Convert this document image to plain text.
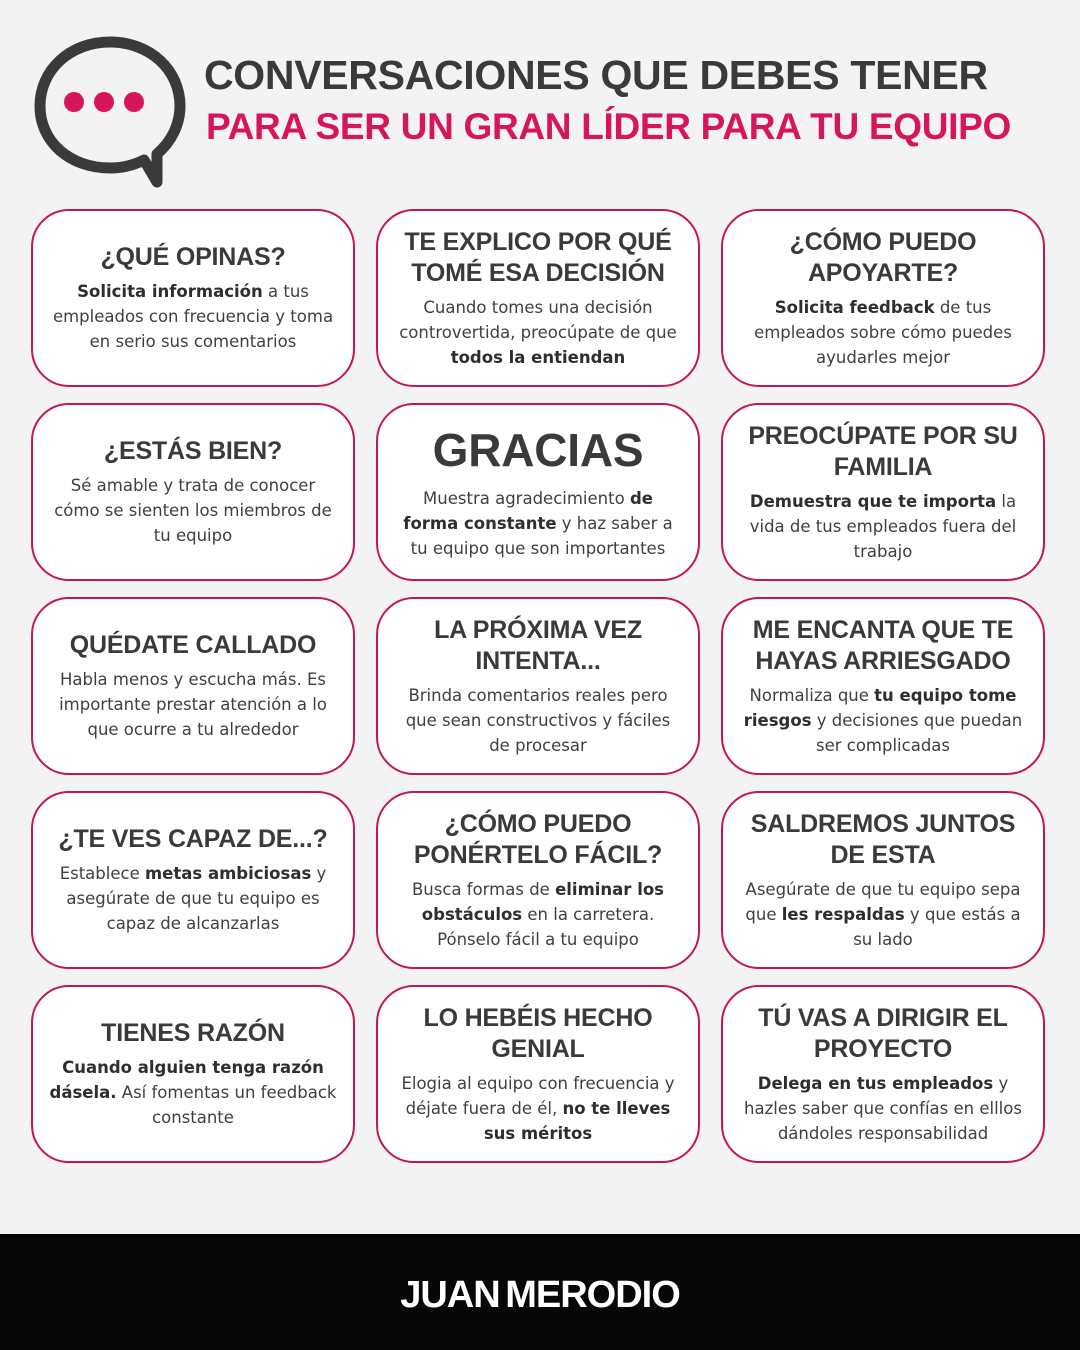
CONVERSACIONES QUE DEBES TENER
PARA SER UN GRAN LÍDER PARA TU EQUIPO
¿QUÉ OPINAS?
Solicita información a tus empleados con frecuencia y toma en serio sus comentarios
TE EXPLICO POR QUÉ TOMÉ ESA DECISIÓN
Cuando tomes una decisión controvertida, preocúpate de que todos la entiendan
¿CÓMO PUEDO APOYARTE?
Solicita feedback de tus empleados sobre cómo puedes ayudarles mejor
¿ESTÁS BIEN?
Sé amable y trata de conocer cómo se sienten los miembros de tu equipo
GRACIAS
Muestra agradecimiento de forma constante y haz saber a tu equipo que son importantes
PREOCÚPATE POR SU FAMILIA
Demuestra que te importa la vida de tus empleados fuera del trabajo
QUÉDATE CALLADO
Habla menos y escucha más. Es importante prestar atención a lo que ocurre a tu alrededor
LA PRÓXIMA VEZ INTENTA...
Brinda comentarios reales pero que sean constructivos y fáciles de procesar
ME ENCANTA QUE TE HAYAS ARRIESGADO
Normaliza que tu equipo tome riesgos y decisiones que puedan ser complicadas
¿TE VES CAPAZ DE...?
Establece metas ambiciosas y asegúrate de que tu equipo es capaz de alcanzarlas
¿CÓMO PUEDO PONÉRTELO FÁCIL?
Busca formas de eliminar los obstáculos en la carretera. Pónselo fácil a tu equipo
SALDREMOS JUNTOS DE ESTA
Asegúrate de que tu equipo sepa que les respaldas y que estás a su lado
TIENES RAZÓN
Cuando alguien tenga razón dásela. Así fomentas un feedback constante
LO HEBÉIS HECHO GENIAL
Elogia al equipo con frecuencia y déjate fuera de él, no te lleves sus méritos
TÚ VAS A DIRIGIR EL PROYECTO
Delega en tus empleados y hazles saber que confías en elllos dándoles responsabilidad
JUAN MERODIO
